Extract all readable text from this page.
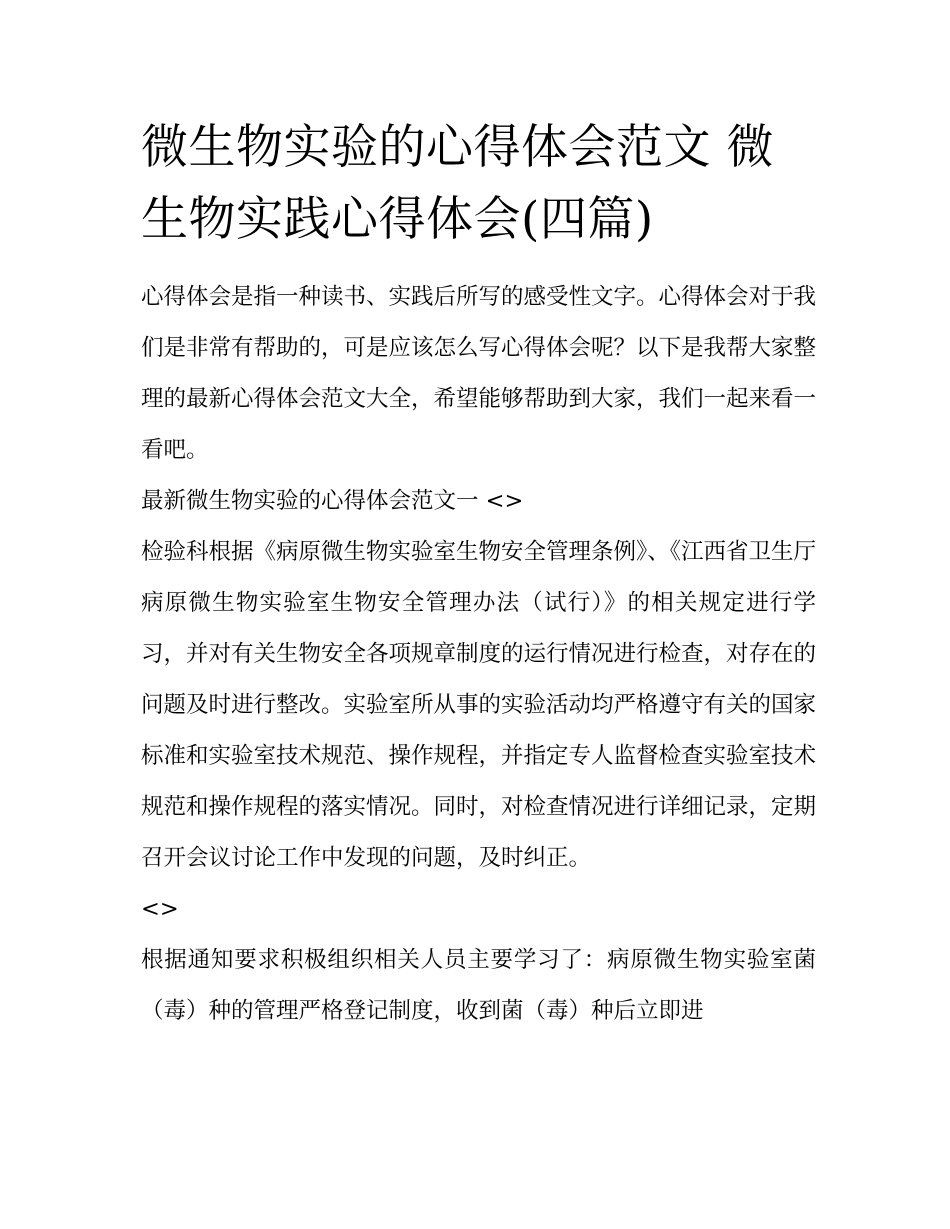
微生物实验的心得体会范文 微生物实践心得体会(四篇)

心得体会是指一种读书、实践后所写的感受性文字。心得体会对于我们是非常有帮助的，可是应该怎么写心得体会呢？以下是我帮大家整理的最新心得体会范文大全，希望能够帮助到大家，我们一起来看一看吧。

最新微生物实验的心得体会范文一 <>

检验科根据《病原微生物实验室生物安全管理条例》、《江西省卫生厅病原微生物实验室生物安全管理办法（试行）》的相关规定进行学习，并对有关生物安全各项规章制度的运行情况进行检查，对存在的问题及时进行整改。实验室所从事的实验活动均严格遵守有关的国家标准和实验室技术规范、操作规程，并指定专人监督检查实验室技术规范和操作规程的落实情况。同时，对检查情况进行详细记录，定期召开会议讨论工作中发现的问题，及时纠正。

<>

根据通知要求积极组织相关人员主要学习了：病原微生物实验室菌（毒）种的管理严格登记制度，收到菌（毒）种后立即进
